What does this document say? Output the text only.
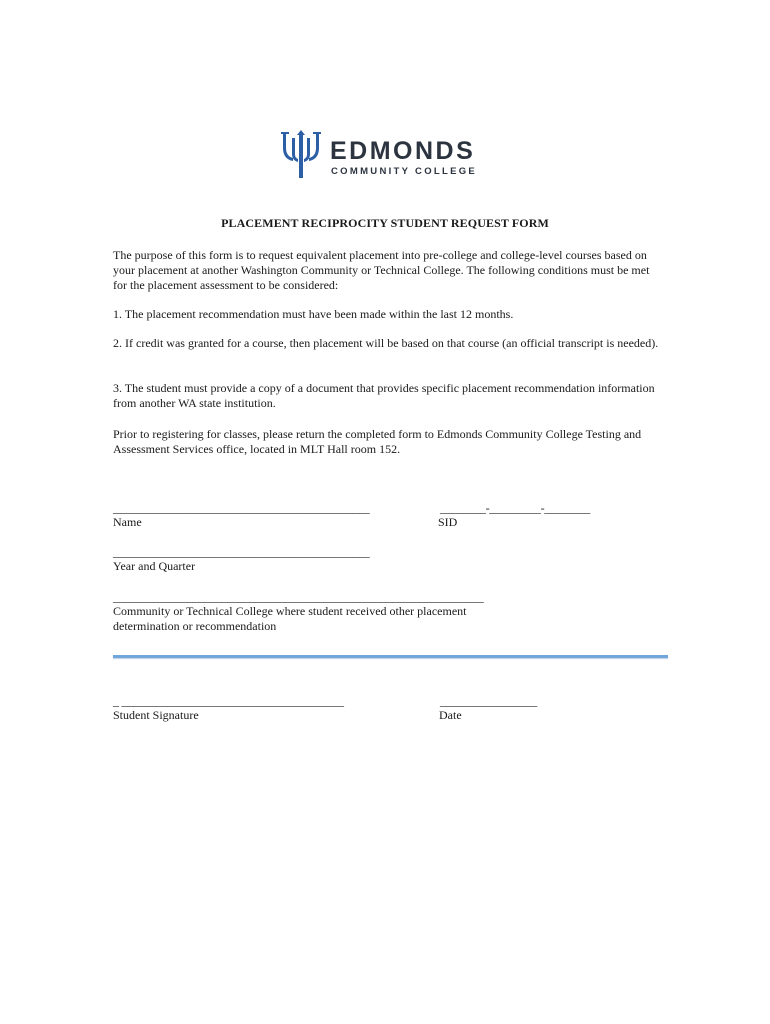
EDMONDS
COMMUNITY COLLEGE
PLACEMENT RECIPROCITY STUDENT REQUEST FORM
The purpose of this form is to request equivalent placement into pre-college and college-level courses based on your placement at another Washington Community or Technical College. The following conditions must be met for the placement assessment to be considered:
1. The placement recommendation must have been made within the last 12 months.
2. If credit was granted for a course, then placement will be based on that course (an official transcript is needed).
3. The student must provide a copy of a document that provides specific placement recommendation information from another WA state institution.
Prior to registering for classes, please return the completed form to Edmonds Community College Testing and Assessment Services office, located in MLT Hall room 152.
_____________________________________________
Name
________-_________-________
SID
_____________________________________________
Year and Quarter
_________________________________________________________________
Community or Technical College where student received other placement determination or recommendation
_ _______________________________________
Student Signature
_________________
Date
